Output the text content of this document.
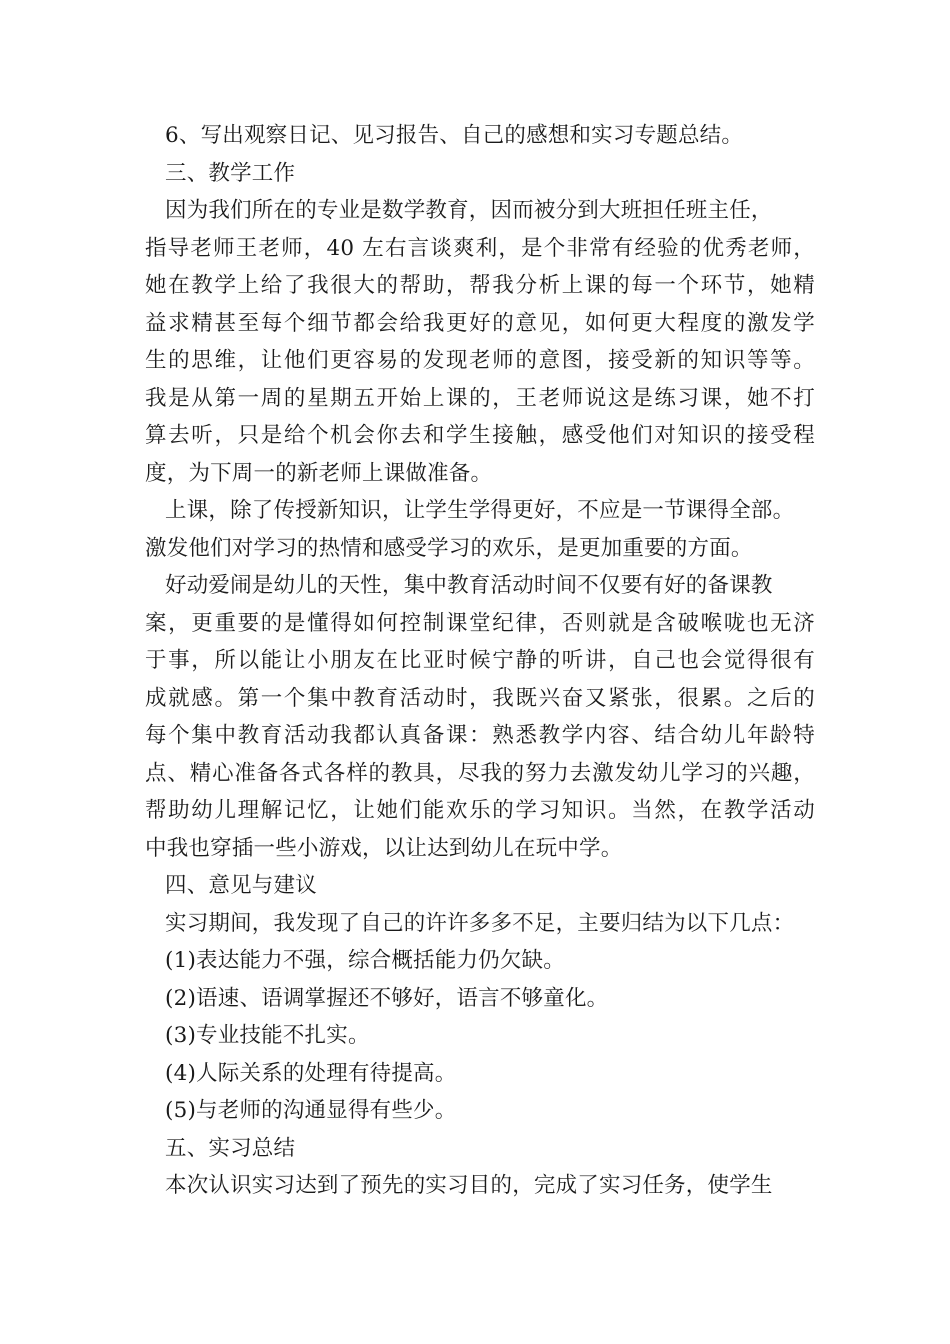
6、写出观察日记、见习报告、自己的感想和实习专题总结。
三、教学工作
因为我们所在的专业是数学教育，因而被分到大班担任班主任，
指导老师王老师，40 左右言谈爽利，是个非常有经验的优秀老师，
她在教学上给了我很大的帮助，帮我分析上课的每一个环节，她精
益求精甚至每个细节都会给我更好的意见，如何更大程度的激发学
生的思维，让他们更容易的发现老师的意图，接受新的知识等等。
我是从第一周的星期五开始上课的，王老师说这是练习课，她不打
算去听，只是给个机会你去和学生接触，感受他们对知识的接受程
度，为下周一的新老师上课做准备。
上课，除了传授新知识，让学生学得更好，不应是一节课得全部。
激发他们对学习的热情和感受学习的欢乐，是更加重要的方面。
好动爱闹是幼儿的天性，集中教育活动时间不仅要有好的备课教
案，更重要的是懂得如何控制课堂纪律，否则就是含破喉咙也无济
于事，所以能让小朋友在比亚时候宁静的听讲，自己也会觉得很有
成就感。第一个集中教育活动时，我既兴奋又紧张，很累。之后的
每个集中教育活动我都认真备课：熟悉教学内容、结合幼儿年龄特
点、精心准备各式各样的教具，尽我的努力去激发幼儿学习的兴趣，
帮助幼儿理解记忆，让她们能欢乐的学习知识。当然，在教学活动
中我也穿插一些小游戏，以让达到幼儿在玩中学。
四、意见与建议
实习期间，我发现了自己的许许多多不足，主要归结为以下几点：
(1)表达能力不强，综合概括能力仍欠缺。
(2)语速、语调掌握还不够好，语言不够童化。
(3)专业技能不扎实。
(4)人际关系的处理有待提高。
(5)与老师的沟通显得有些少。
五、实习总结
本次认识实习达到了预先的实习目的，完成了实习任务，使学生
